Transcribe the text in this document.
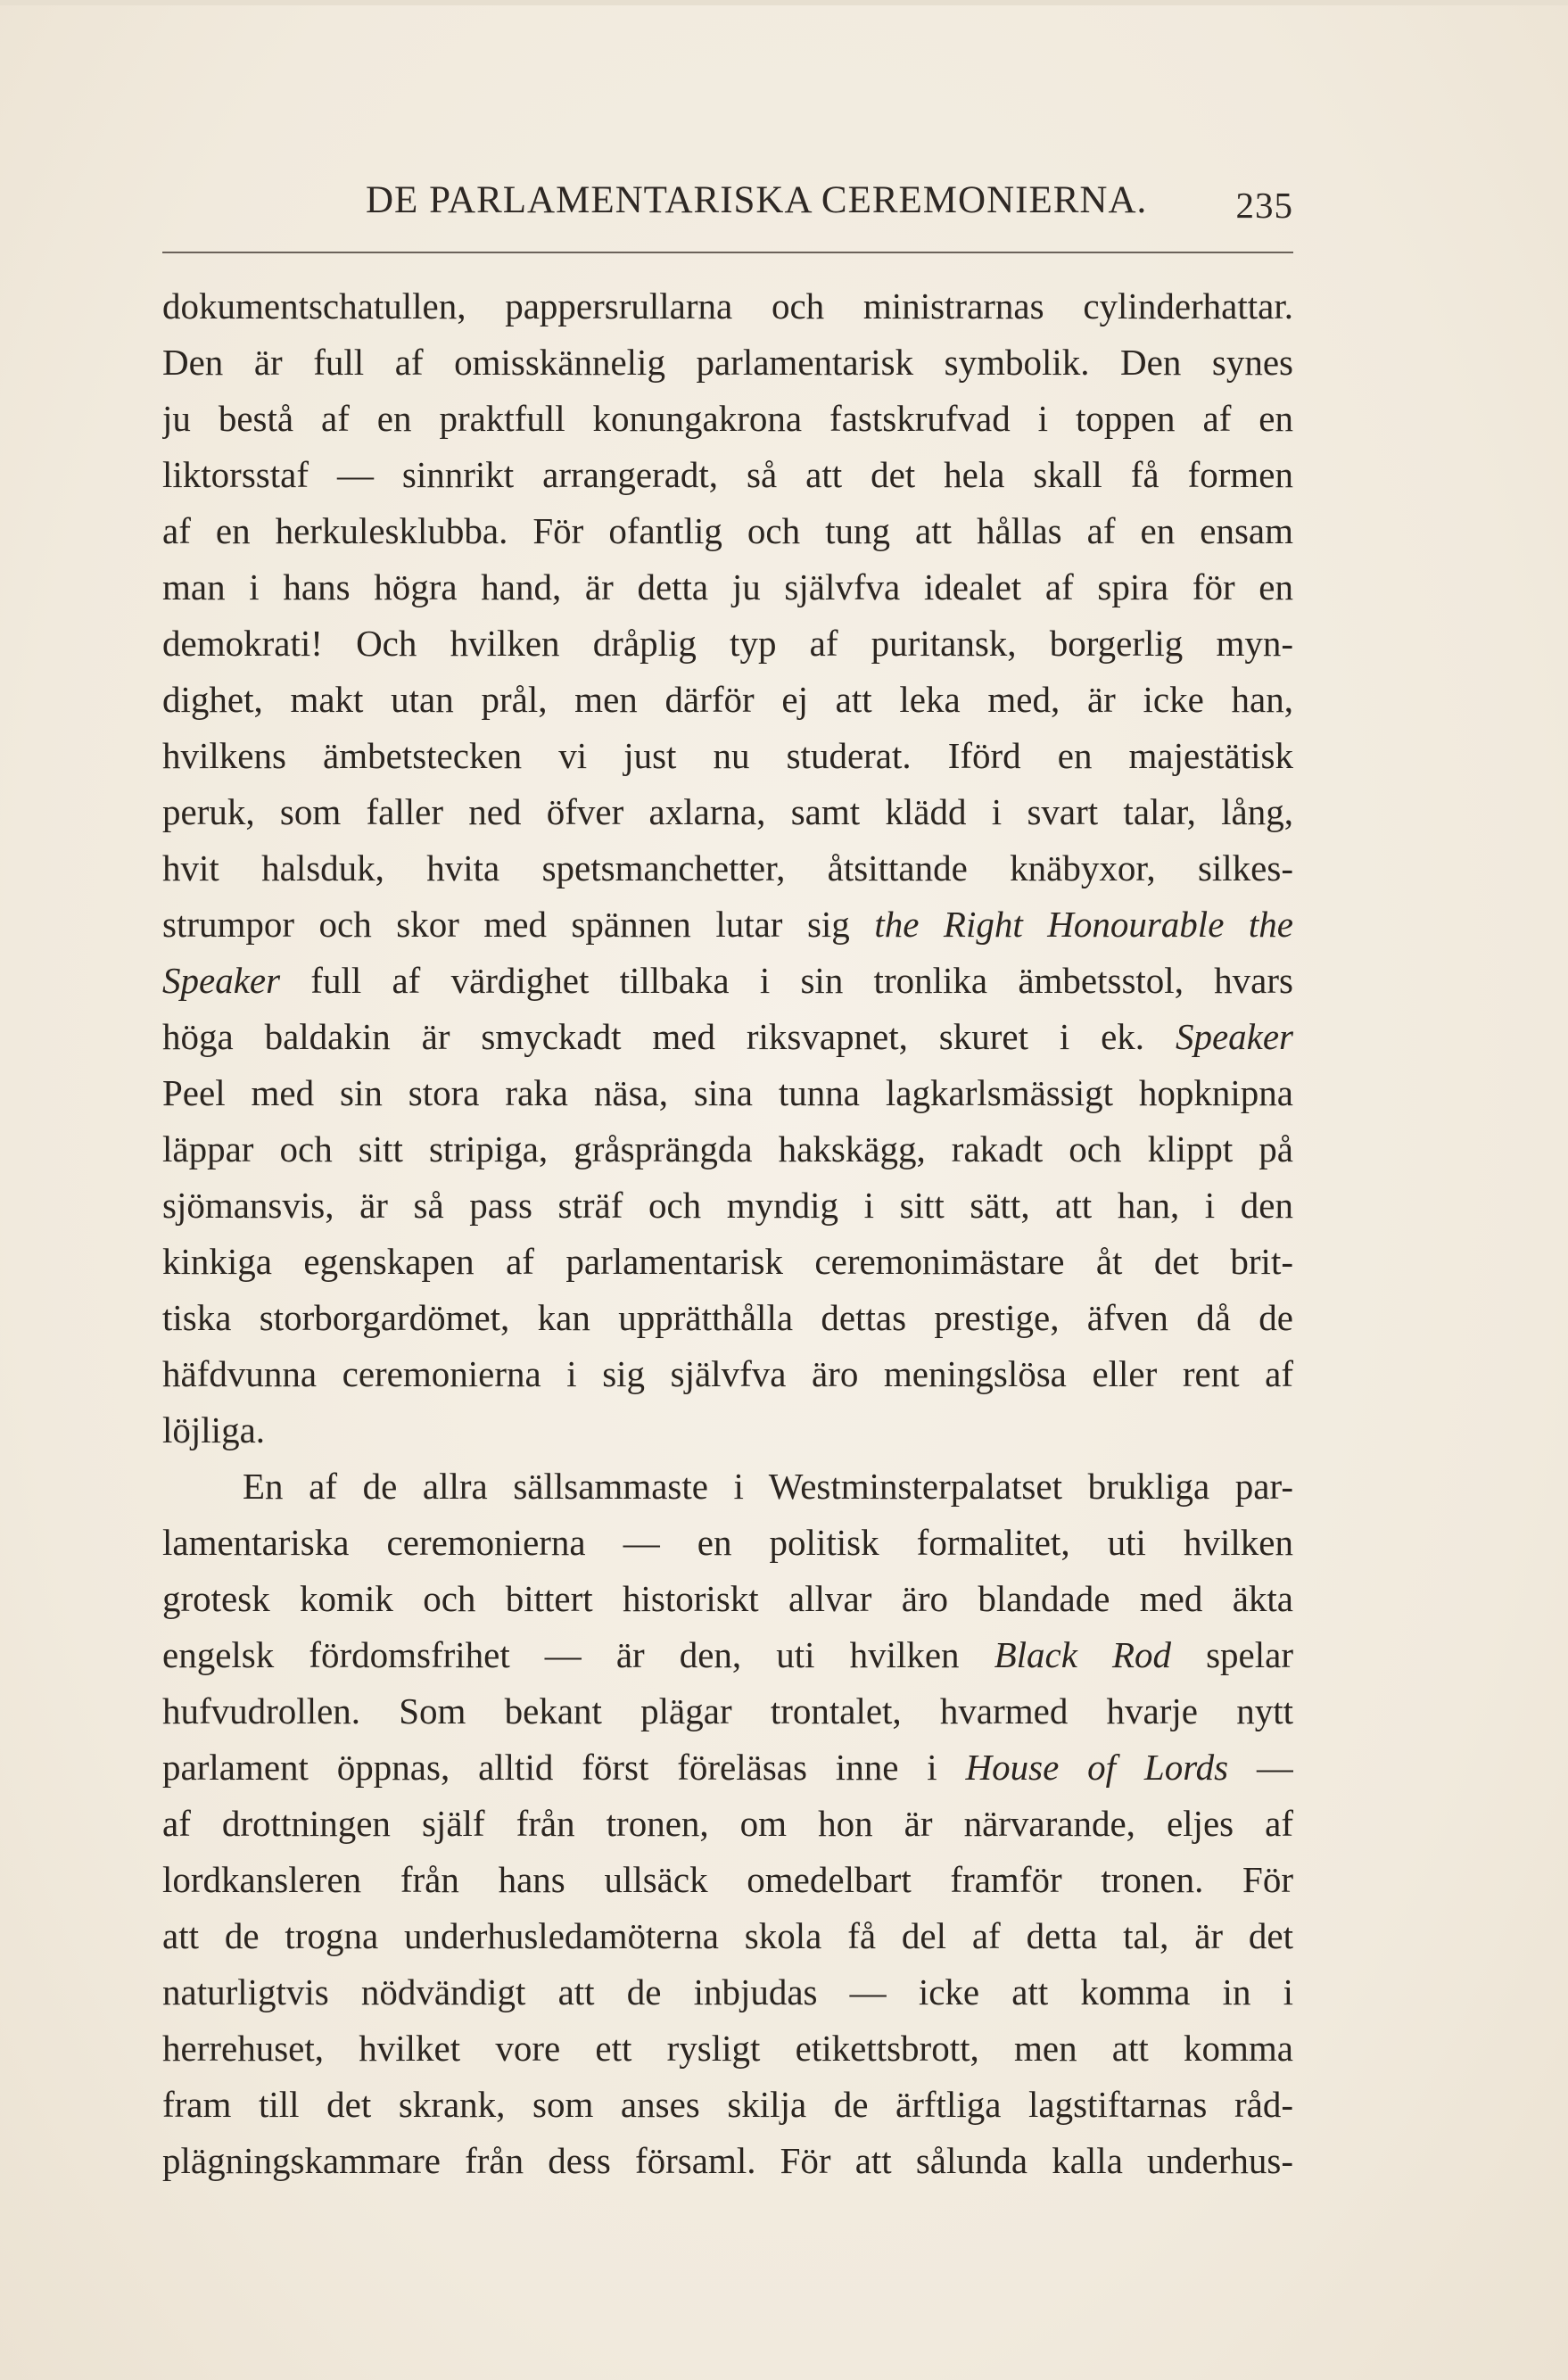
DE PARLAMENTARISKA CEREMONIERNA. 235
dokumentschatullen, pappersrullarna och ministrarnas cylinderhattar.
Den är full af omisskännelig parlamentarisk symbolik. Den synes
ju bestå af en praktfull konungakrona fastskrufvad i toppen af en
liktorsstaf — sinnrikt arrangeradt, så att det hela skall få formen
af en herkulesklubba. För ofantlig och tung att hållas af en ensam
man i hans högra hand, är detta ju självfva idealet af spira för en
demokrati! Och hvilken dråplig typ af puritansk, borgerlig myn-
dighet, makt utan prål, men därför ej att leka med, är icke han,
hvilkens ämbetstecken vi just nu studerat. Iförd en majestätisk
peruk, som faller ned öfver axlarna, samt klädd i svart talar, lång,
hvit halsduk, hvita spetsmanchetter, åtsittande knäbyxor, silkes-
strumpor och skor med spännen lutar sig the Right Honourable the
Speaker full af värdighet tillbaka i sin tronlika ämbetsstol, hvars
höga baldakin är smyckadt med riksvapnet, skuret i ek. Speaker
Peel med sin stora raka näsa, sina tunna lagkarlsmässigt hopknipna
läppar och sitt stripiga, gråsprängda hakskägg, rakadt och klippt på
sjömansvis, är så pass sträf och myndig i sitt sätt, att han, i den
kinkiga egenskapen af parlamentarisk ceremonimästare åt det brit-
tiska storborgardömet, kan upprätthålla dettas prestige, äfven då de
häfdvunna ceremonierna i sig självfva äro meningslösa eller rent af
löjliga.
En af de allra sällsammaste i Westminsterpalatset brukliga par-
lamentariska ceremonierna — en politisk formalitet, uti hvilken
grotesk komik och bittert historiskt allvar äro blandade med äkta
engelsk fördomsfrihet — är den, uti hvilken Black Rod spelar
hufvudrollen. Som bekant plägar trontalet, hvarmed hvarje nytt
parlament öppnas, alltid först föreläsas inne i House of Lords —
af drottningen själf från tronen, om hon är närvarande, eljes af
lordkansleren från hans ullsäck omedelbart framför tronen. För
att de trogna underhusledamöterna skola få del af detta tal, är det
naturligtvis nödvändigt att de inbjudas — icke att komma in i
herrehuset, hvilket vore ett rysligt etikettsbrott, men att komma
fram till det skrank, som anses skilja de ärftliga lagstiftarnas råd-
plägningskammare från dess församl. För att sålunda kalla underhus-
